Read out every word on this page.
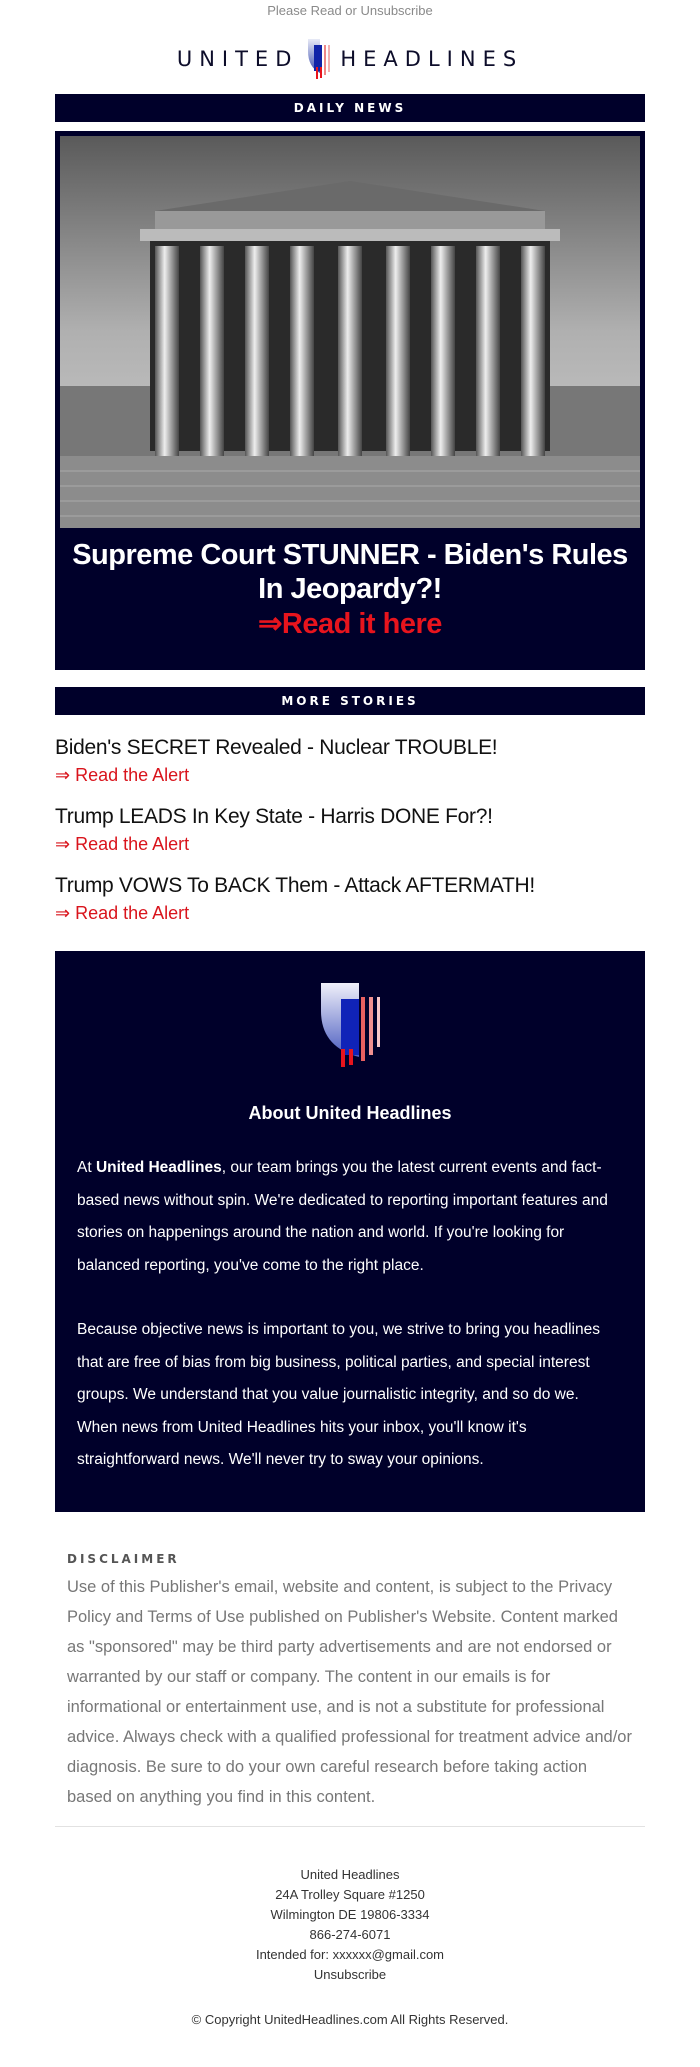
Please Read or Unsubscribe
UNITED HEADLINES
DAILY NEWS
Supreme Court STUNNER - Biden's Rules In Jeopardy?!
⇒Read it here
MORE STORIES
Biden's SECRET Revealed - Nuclear TROUBLE!
⇒ Read the Alert
Trump LEADS In Key State - Harris DONE For?!
⇒ Read the Alert
Trump VOWS To BACK Them - Attack AFTERMATH!
⇒ Read the Alert
About United Headlines

At United Headlines, our team brings you the latest current events and fact-based news without spin. We're dedicated to reporting important features and stories on happenings around the nation and world. If you're looking for balanced reporting, you've come to the right place.

Because objective news is important to you, we strive to bring you headlines that are free of bias from big business, political parties, and special interest groups. We understand that you value journalistic integrity, and so do we. When news from United Headlines hits your inbox, you'll know it's straightforward news. We'll never try to sway your opinions.

DISCLAIMER
Use of this Publisher's email, website and content, is subject to the Privacy Policy and Terms of Use published on Publisher's Website. Content marked as "sponsored" may be third party advertisements and are not endorsed or warranted by our staff or company. The content in our emails is for informational or entertainment use, and is not a substitute for professional advice. Always check with a qualified professional for treatment advice and/or diagnosis. Be sure to do your own careful research before taking action based on anything you find in this content.
United Headlines
24A Trolley Square #1250
Wilmington DE 19806-3334
866-274-6071
Intended for: xxxxxx@gmail.com
Unsubscribe
© Copyright UnitedHeadlines.com All Rights Reserved.
